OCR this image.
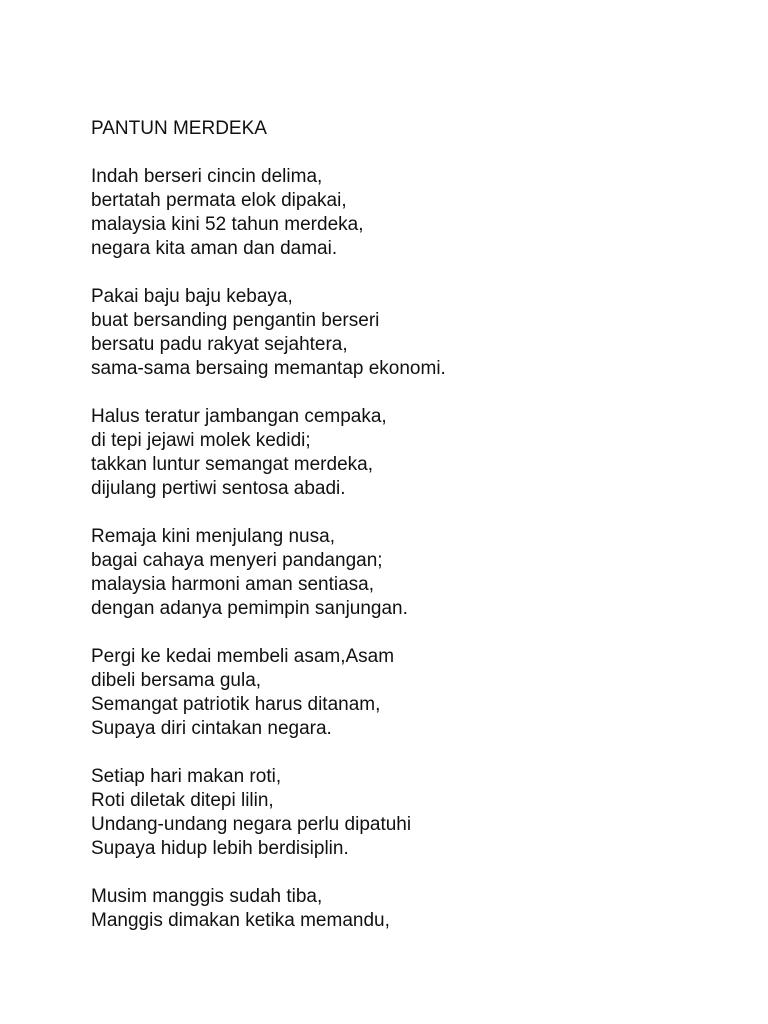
PANTUN MERDEKA
Indah berseri cincin delima,
bertatah permata elok dipakai,
malaysia kini 52 tahun merdeka,
negara kita aman dan damai.
Pakai baju baju kebaya,
buat bersanding pengantin berseri
bersatu padu rakyat sejahtera,
sama-sama bersaing memantap ekonomi.
Halus teratur jambangan cempaka,
di tepi jejawi molek kedidi;
takkan luntur semangat merdeka,
dijulang pertiwi sentosa abadi.
Remaja kini menjulang nusa,
bagai cahaya menyeri pandangan;
malaysia harmoni aman sentiasa,
dengan adanya pemimpin sanjungan.
Pergi ke kedai membeli asam,Asam
dibeli bersama gula,
Semangat patriotik harus ditanam,
Supaya diri cintakan negara.
Setiap hari makan roti,
Roti diletak ditepi lilin,
Undang-undang negara perlu dipatuhi
Supaya hidup lebih berdisiplin.
Musim manggis sudah tiba,
Manggis dimakan ketika memandu,
